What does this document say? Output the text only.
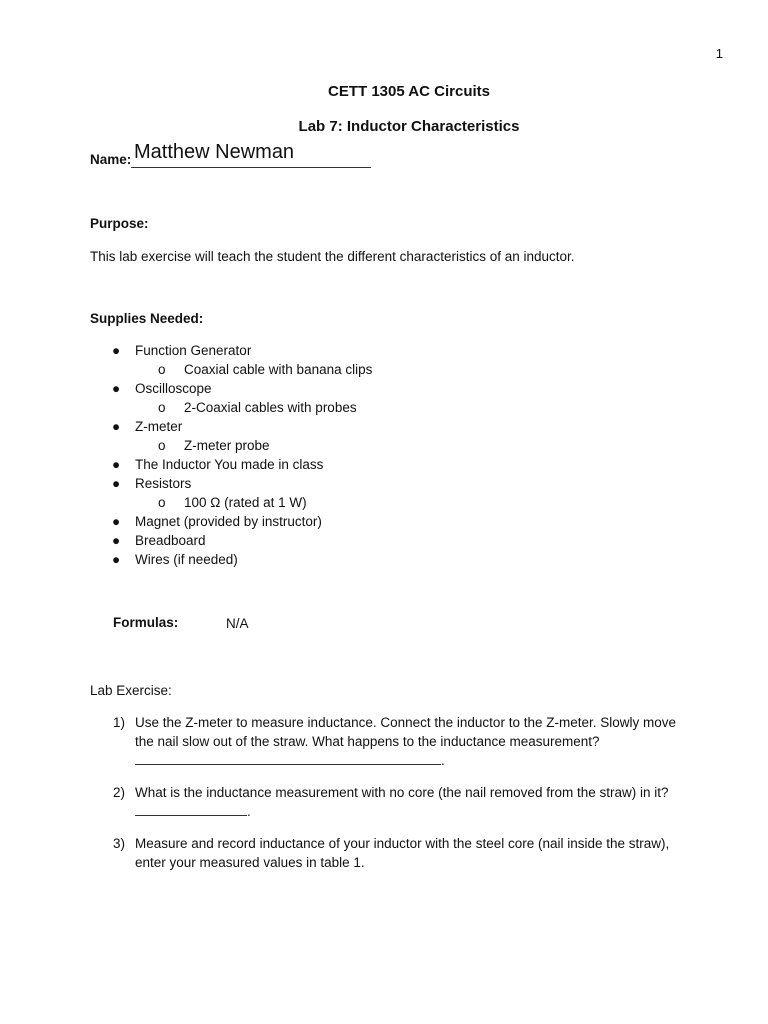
1
CETT 1305 AC Circuits
Lab 7: Inductor Characteristics
Name: Matthew Newman
Purpose:
This lab exercise will teach the student the different characteristics of an inductor.
Supplies Needed:
● Function Generator
o Coaxial cable with banana clips
● Oscilloscope
o 2-Coaxial cables with probes
● Z-meter
o Z-meter probe
● The Inductor You made in class
● Resistors
o 100 Ω (rated at 1 W)
● Magnet (provided by instructor)
● Breadboard
● Wires (if needed)
Formulas:	N/A
Lab Exercise:
1) Use the Z-meter to measure inductance. Connect the inductor to the Z-meter. Slowly move
the nail slow out of the straw. What happens to the inductance measurement?
.
2) What is the inductance measurement with no core (the nail removed from the straw) in it?
.
3) Measure and record inductance of your inductor with the steel core (nail inside the straw),
enter your measured values in table 1.
